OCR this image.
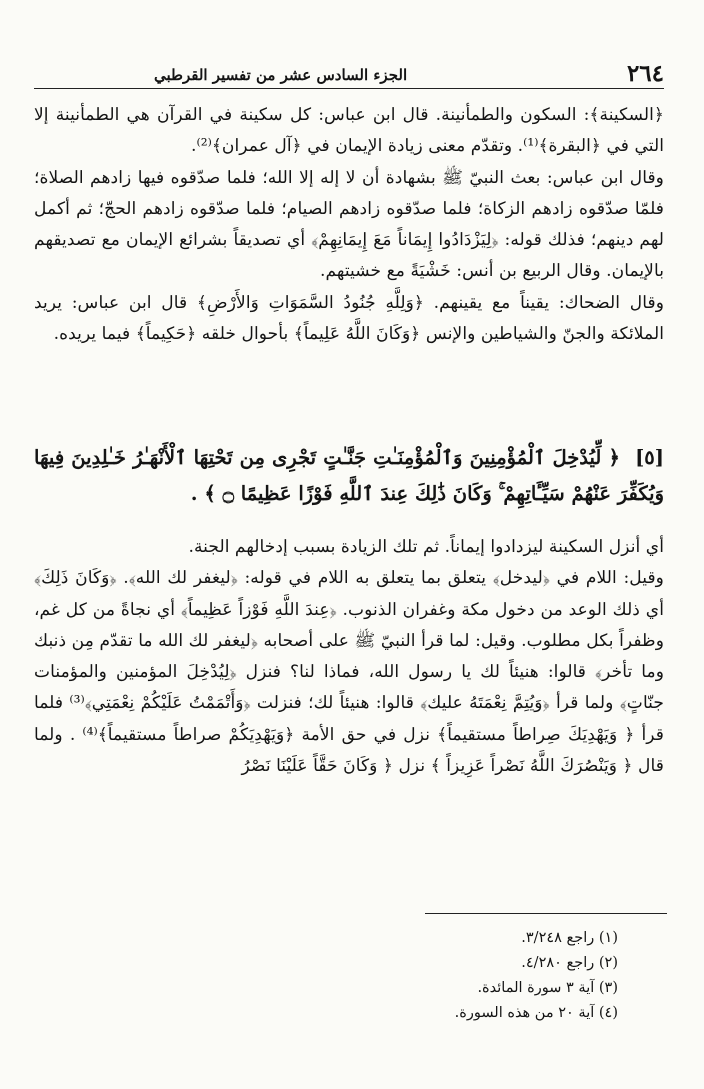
٢٦٤
الجزء السادس عشر من تفسير القرطبي

﴿السكينة﴾: السكون والطمأنينة. قال ابن عباس: كل سكينة في القرآن هي الطمأنينة إلا التي في ﴿البقرة﴾⁽¹⁾. وتقدّم معنى زيادة الإيمان في ﴿آل عمران﴾⁽²⁾.

وقال ابن عباس: بعث النبيّ ﷺ بشهادة أن لا إله إلا الله؛ فلما صدّقوه فيها زادهم الصلاة؛ فلمّا صدّقوه زادهم الزكاة؛ فلما صدّقوه زادهم الصيام؛ فلما صدّقوه زادهم الحجّ؛ ثم أكمل لهم دينهم؛ فذلك قوله: ﴿لِيَزْدَادُوا إِيمَاناً مَعَ إِيمَانِهِمْ﴾ أي تصديقاً بشرائع الإيمان مع تصديقهم بالإيمان. وقال الربيع بن أنس: خَشْيَةً مع خشيتهم.

وقال الضحاك: يقيناً مع يقينهم. ﴿وَلِلَّهِ جُنُودُ السَّمَوَاتِ وَالأَرْضِ﴾ قال ابن عباس: يريد الملائكة والجنّ والشياطين والإنس ﴿وَكَانَ اللَّهُ عَلِيماً﴾ بأحوال خلقه ﴿حَكِيماً﴾ فيما يريده.

[٥] ﴿ لِّيُدْخِلَ ٱلْمُؤْمِنِينَ وَٱلْمُؤْمِنَـٰتِ جَنَّـٰتٍ تَجْرِى مِن تَحْتِهَا ٱلْأَنْهَـٰرُ خَـٰلِدِينَ فِيهَا وَيُكَفِّرَ عَنْهُمْ سَيِّـَٔاتِهِمْ ۚ وَكَانَ ذَٰلِكَ عِندَ ٱللَّهِ فَوْزًا عَظِيمًا ۝ ﴾ .

أي أنزل السكينة ليزدادوا إيماناً. ثم تلك الزيادة بسبب إدخالهم الجنة.

وقيل: اللام في ﴿ليدخل﴾ يتعلق بما يتعلق به اللام في قوله: ﴿ليغفر لك الله﴾. ﴿وَكَانَ ذَلِكَ﴾ أي ذلك الوعد من دخول مكة وغفران الذنوب. ﴿عِندَ اللَّهِ فَوْزاً عَظِيماً﴾ أي نجاةً من كل غم، وظفراً بكل مطلوب. وقيل: لما قرأ النبيّ ﷺ على أصحابه ﴿ليغفر لك الله ما تقدّم مِن ذنبك وما تأخر﴾ قالوا: هنيئاً لك يا رسول الله، فماذا لنا؟ فنزل ﴿لِيُدْخِلَ المؤمنين والمؤمنات جنّاتٍ﴾ ولما قرأ ﴿وَيُتِمَّ نِعْمَتَهُ عليك﴾ قالوا: هنيئاً لك؛ فنزلت ﴿وَأَتْمَمْتُ عَلَيْكُمْ نِعْمَتِي﴾⁽³⁾ فلما قرأ ﴿ وَيَهْدِيَكَ صِراطاً مستقيماً﴾ نزل في حق الأمة ﴿وَيَهْدِيَكُمْ صراطاً مستقيماً﴾⁽⁴⁾ . ولما قال ﴿ وَيَنْصُرَكَ اللَّهُ نَصْراً عَزِيزاً ﴾ نزل ﴿ وَكَانَ حَقَّاً عَلَيْنَا نَصْرُ

(١) راجع ٣/٢٤٨.
(٢) راجع ٤/٢٨٠.
(٣) آية ٣ سورة المائدة.
(٤) آية ٢٠ من هذه السورة.
